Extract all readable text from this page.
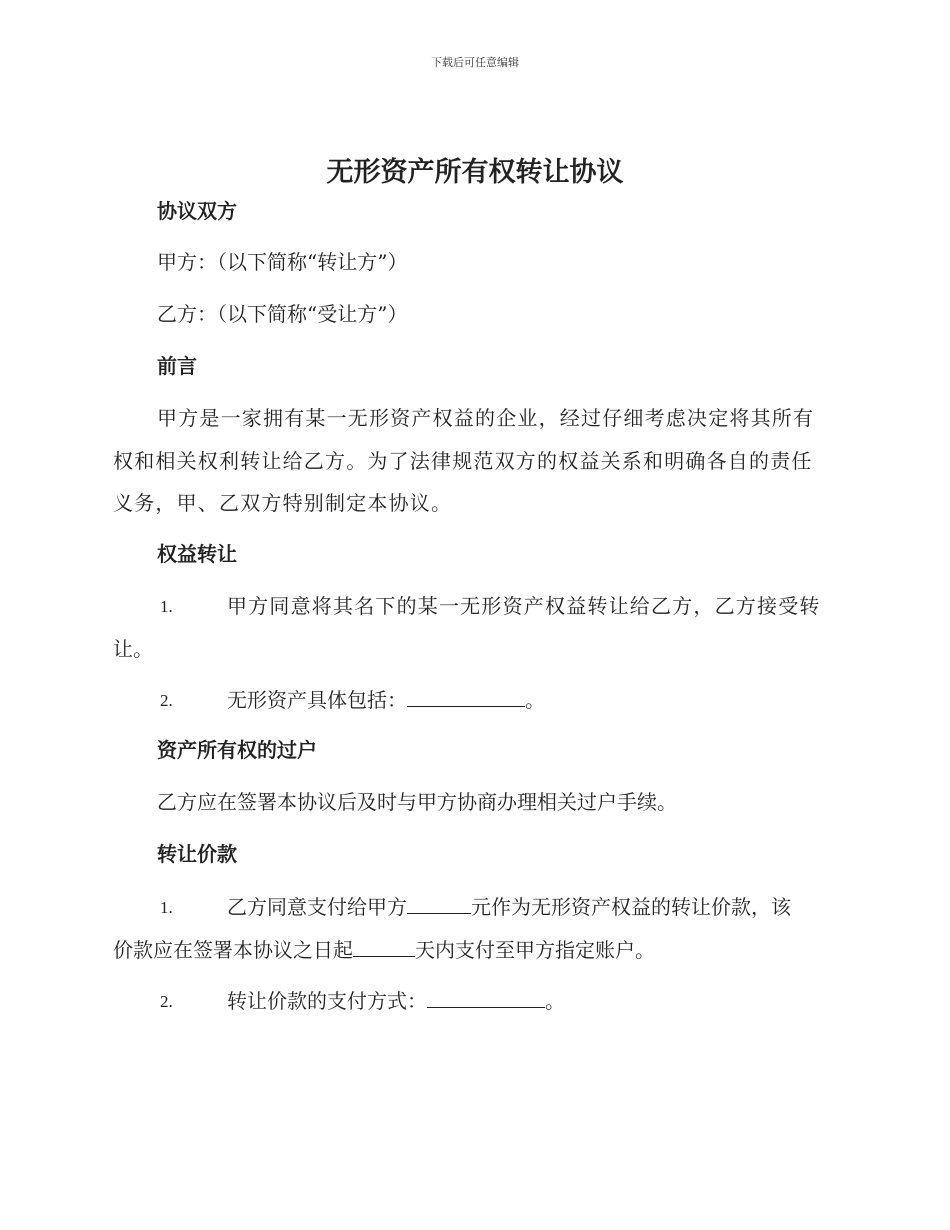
下载后可任意编辑
无形资产所有权转让协议
协议双方
甲方：（以下简称“转让方”）
乙方：（以下简称“受让方”）
前言
甲方是一家拥有某一无形资产权益的企业，经过仔细考虑决定将其所有
权和相关权利转让给乙方。为了法律规范双方的权益关系和明确各自的责任
义务，甲、乙双方特别制定本协议。
权益转让
1.	甲方同意将其名下的某一无形资产权益转让给乙方，乙方接受转
让。
2.	无形资产具体包括：	。
资产所有权的过户
乙方应在签署本协议后及时与甲方协商办理相关过户手续。
转让价款
1.	乙方同意支付给甲方	元作为无形资产权益的转让价款，该
价款应在签署本协议之日起	天内支付至甲方指定账户。
2.	转让价款的支付方式：	。
